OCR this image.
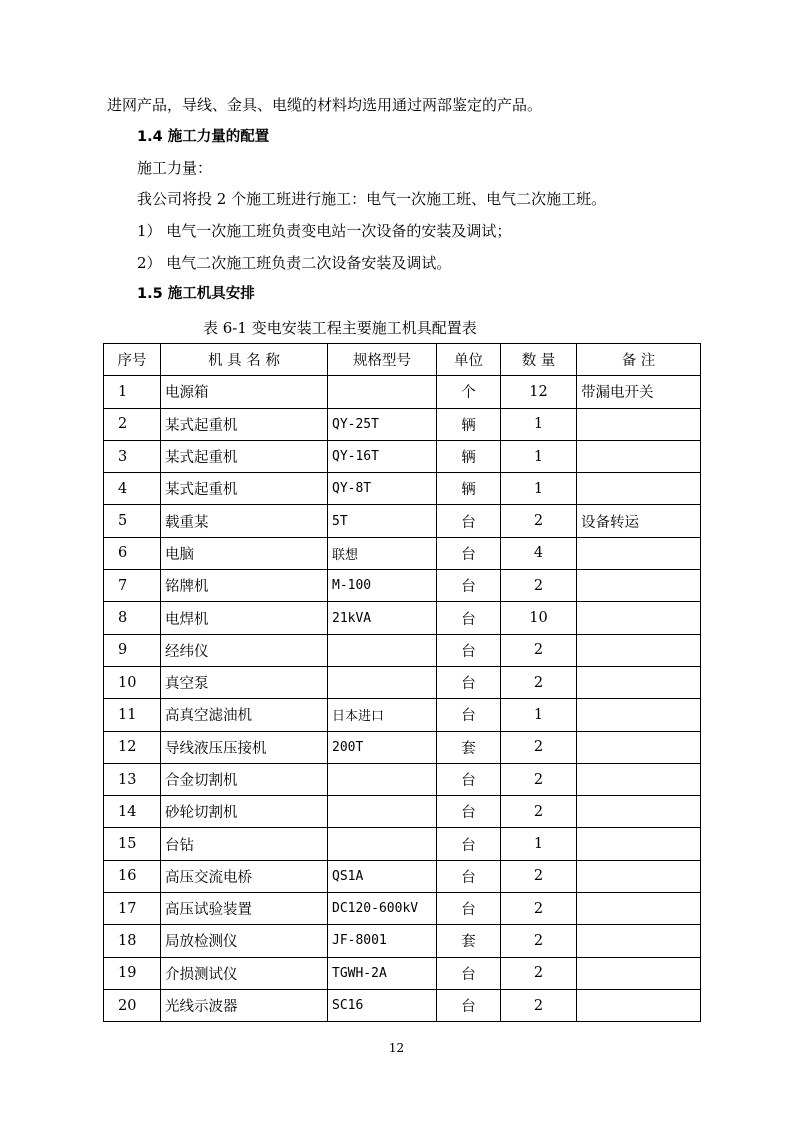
进网产品，导线、金具、电缆的材料均选用通过两部鉴定的产品。
1.4 施工力量的配置
施工力量：
我公司将投 2 个施工班进行施工：电气一次施工班、电气二次施工班。
1） 电气一次施工班负责变电站一次设备的安装及调试；
2） 电气二次施工班负责二次设备安装及调试。
1.5 施工机具安排
表 6-1 变电安装工程主要施工机具配置表
序号	机 具 名 称	规格型号	单位	数 量	备 注
1	电源箱		个	12	带漏电开关
2	某式起重机	QY-25T	辆	1	
3	某式起重机	QY-16T	辆	1	
4	某式起重机	QY-8T	辆	1	
5	载重某	5T	台	2	设备转运
6	电脑	联想	台	4	
7	铭牌机	M-100	台	2	
8	电焊机	21kVA	台	10	
9	经纬仪		台	2	
10	真空泵		台	2	
11	高真空滤油机	日本进口	台	1	
12	导线液压压接机	200T	套	2	
13	合金切割机		台	2	
14	砂轮切割机		台	2	
15	台钻		台	1	
16	高压交流电桥	QS1A	台	2	
17	高压试验装置	DC120-600kV	台	2	
18	局放检测仪	JF-8001	套	2	
19	介损测试仪	TGWH-2A	台	2	
20	光线示波器	SC16	台	2	
12
